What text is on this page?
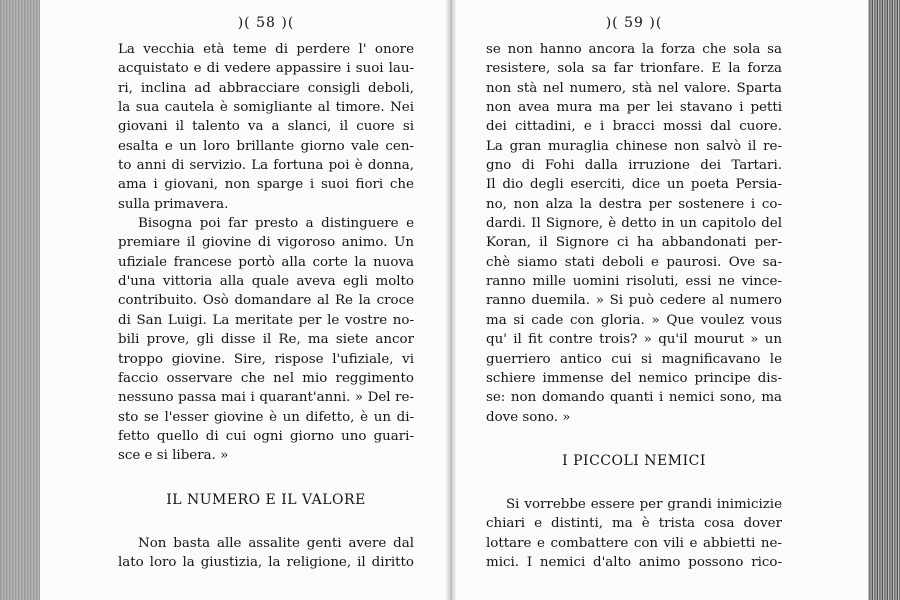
)( 58 )(
La vecchia età teme di perdere l' onore
acquistato e di vedere appassire i suoi lau-
ri, inclina ad abbracciare consigli deboli,
la sua cautela è somigliante al timore. Nei
giovani il talento va a slanci, il cuore si
esalta e un loro brillante giorno vale cen-
to anni di servizio. La fortuna poi è donna,
ama i giovani, non sparge i suoi fiori che
sulla primavera.
Bisogna poi far presto a distinguere e
premiare il giovine di vigoroso animo. Un
ufiziale francese portò alla corte la nuova
d'una vittoria alla quale aveva egli molto
contribuito. Osò domandare al Re la croce
di San Luigi. La meritate per le vostre no-
bili prove, gli disse il Re, ma siete ancor
troppo giovine. Sire, rispose l'ufiziale, vi
faccio osservare che nel mio reggimento
nessuno passa mai i quarant'anni. » Del re-
sto se l'esser giovine è un difetto, è un di-
fetto quello di cui ogni giorno uno guari-
sce e si libera. »
IL NUMERO E IL VALORE
Non basta alle assalite genti avere dal
lato loro la giustizia, la religione, il diritto
)( 59 )(
se non hanno ancora la forza che sola sa
resistere, sola sa far trionfare. E la forza
non stà nel numero, stà nel valore. Sparta
non avea mura ma per lei stavano i petti
dei cittadini, e i bracci mossi dal cuore.
La gran muraglia chinese non salvò il re-
gno di Fohi dalla irruzione dei Tartari.
Il dio degli eserciti, dice un poeta Persia-
no, non alza la destra per sostenere i co-
dardi. Il Signore, è detto in un capitolo del
Koran, il Signore ci ha abbandonati per-
chè siamo stati deboli e paurosi. Ove sa-
ranno mille uomini risoluti, essi ne vince-
ranno duemila. » Si può cedere al numero
ma si cade con gloria. » Que voulez vous
qu' il fit contre trois? » qu'il mourut » un
guerriero antico cui si magnificavano le
schiere immense del nemico principe dis-
se: non domando quanti i nemici sono, ma
dove sono. »
I PICCOLI NEMICI
Si vorrebbe essere per grandi inimicizie
chiari e distinti, ma è trista cosa dover
lottare e combattere con vili e abbietti ne-
mici. I nemici d'alto animo possono rico-
